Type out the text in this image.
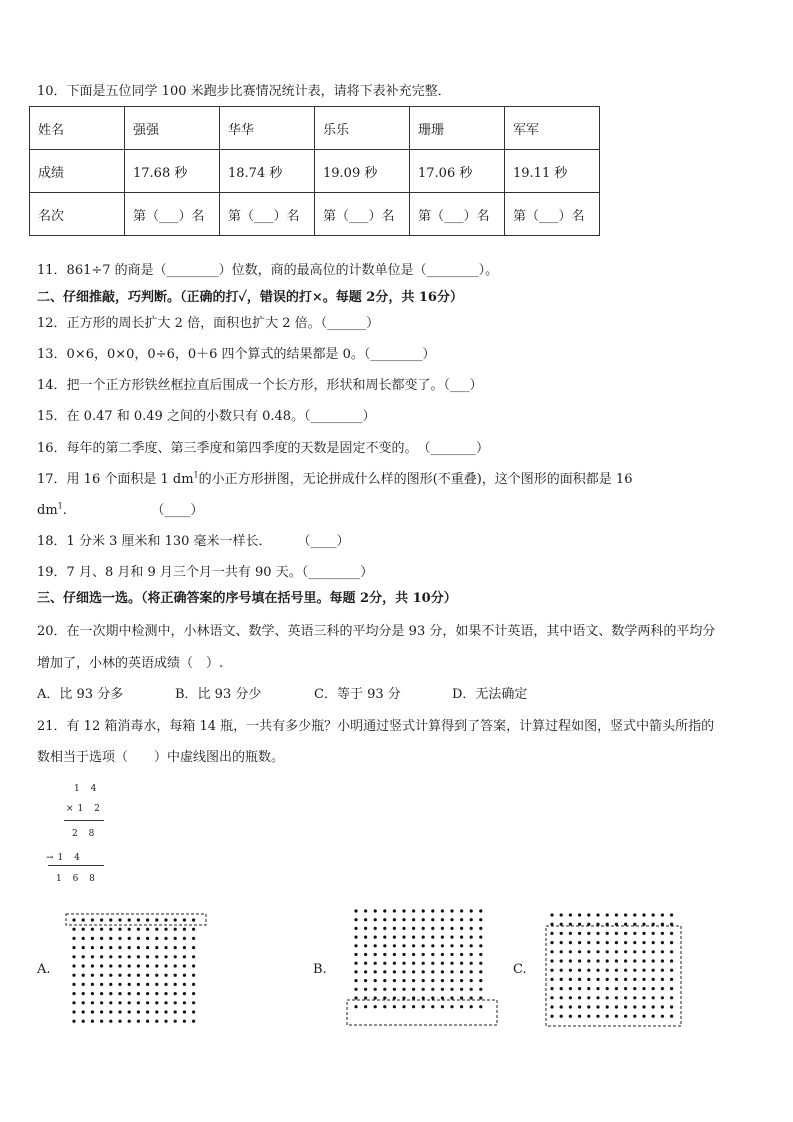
10．下面是五位同学 100 米跑步比赛情况统计表，请将下表补充完整．
姓名	强强	华华	乐乐	珊珊	军军
成绩	17.68 秒	18.74 秒	19.09 秒	17.06 秒	19.11 秒
名次	第（___）名	第（___）名	第（___）名	第（___）名	第（___）名
11．861÷7 的商是（________）位数，商的最高位的计数单位是（________）。
二、仔细推敲，巧判断。（正确的打✓，错误的打×。每题 2分，共 16分）
12．正方形的周长扩大 2 倍，面积也扩大 2 倍。（______）
13．0×6，0×0，0÷6，0＋6 四个算式的结果都是 0。（________）
14．把一个正方形铁丝框拉直后围成一个长方形，形状和周长都变了。（___）
15．在 0.47 和 0.49 之间的小数只有 0.48。（________）
16．每年的第二季度、第三季度和第四季度的天数是固定不变的。　（_______）
17．用 16 个面积是 1 $dm^1$的小正方形拼图，无论拼成什么样的图形(不重叠)，这个图形的面积都是 16
$dm^1$.　　　　　　　（____）
18．1 分米 3 厘米和 130 毫米一样长．　　　（____）
19．7 月、8 月和 9 月三个月一共有 90 天。（________）
三、仔细选一选。（将正确答案的序号填在括号里。每题 2分，共 10分）
20．在一次期中检测中，小林语文、数学、英语三科的平均分是 93 分，如果不计英语，其中语文、数学两科的平均分
增加了，小林的英语成绩（　）.
A．比 93 分多	B．比 93 分少	C．等于 93 分	D．无法确定
21．有 12 箱消毒水，每箱 14 瓶，一共有多少瓶？小明通过竖式计算得到了答案，计算过程如图，竖式中箭头所指的
数相当于选项（　　）中虚线图出的瓶数。
1 4
×1 2
2 8
→1 4
1 6 8
A.	B.	C.
